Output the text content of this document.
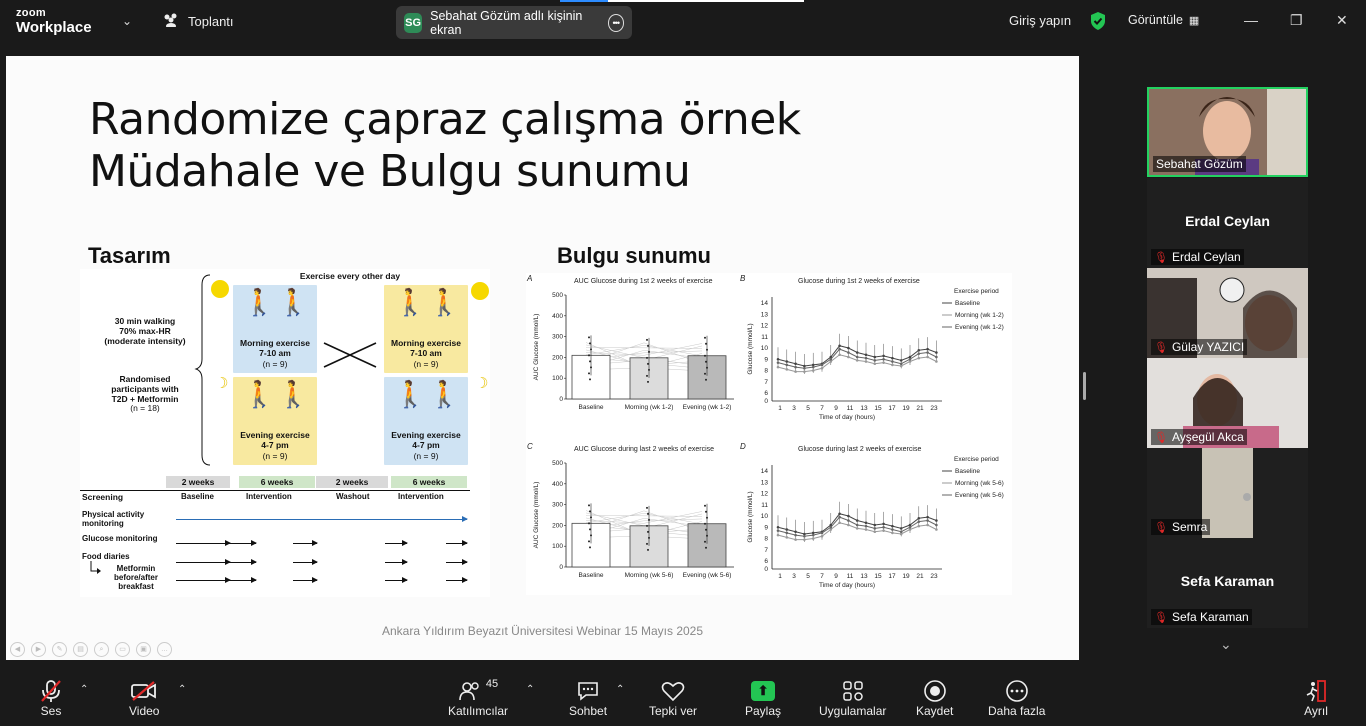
zoom
Workplace	⌄	Toplantı	SG Sebahat Gözüm adlı kişinin ekran	•••	Giriş yapın	Görüntüle ▦	— ❐ ✕
Randomize çapraz çalışma örnek
Müdahale ve Bulgu sunumu
Tasarım	Bulgu sunumu
Exercise every other day
30 min walking
70% max-HR
(moderate intensity)
Randomised
participants with
T2D + Metformin
(n = 18)
☽	☽
🚶 🚶
Morning exercise
7-10 am
(n = 9)
🚶 🚶
Evening exercise
4-7 pm
(n = 9)
🚶 🚶
Morning exercise
7-10 am
(n = 9)
🚶 🚶
Evening exercise
4-7 pm
(n = 9)
2 weeks	6 weeks	2 weeks	6 weeks
Screening	Baseline	Intervention	Washout	Intervention
Physical activity monitoring
Glucose monitoring
Food diaries
Metformin before/after breakfast
A	AUC Glucose during 1st 2 weeks of exercise
500
400
300
200
100
0
AUC Glucose (mmol/L)
Baseline	Morning (wk 1-2) Evening (wk 1-2)
C	AUC Glucose during last 2 weeks of exercise
500
400
300
200
100
0
AUC Glucose (mmol/L)
Baseline	Morning (wk 5-6) Evening (wk 5-6)
B	Glucose during 1st 2 weeks of exercise
14
13
12
11
10
9
8
7
6
0
Glucose (mmol/L)
1 3 5 7 9 11 13 15 17 19 21 23
Time of day (hours)
Exercise period
Baseline
Morning (wk 1-2)
Evening (wk 1-2)
D	Glucose during last 2 weeks of exercise
14
13
12
11
10
9
8
7
6
0
Glucose (mmol/L)
1 3 5 7 9 11 13 15 17 19 21 23
Time of day (hours)
Exercise period
Baseline
Morning (wk 5-6)
Evening (wk 5-6)
Ankara Yıldırım Beyazıt Üniversitesi Webinar 15 Mayıs 2025
◀	▶	✎	▤	⌕	▭	▣	…
Sebahat Gözüm
Erdal Ceylan
🎙 Erdal Ceylan
🎙 Gülay YAZICI
🎙 Ayşegül Akca
🎙 Semra
Sefa Karaman
🎙 Sefa Karaman
⌄
Ses
⌃
Video
⌃	45
Katılımcılar
⌃
Sohbet
⌃
Tepki ver
⬆
Paylaş	Uygulamalar Kaydet	Daha fazla	Ayrıl
